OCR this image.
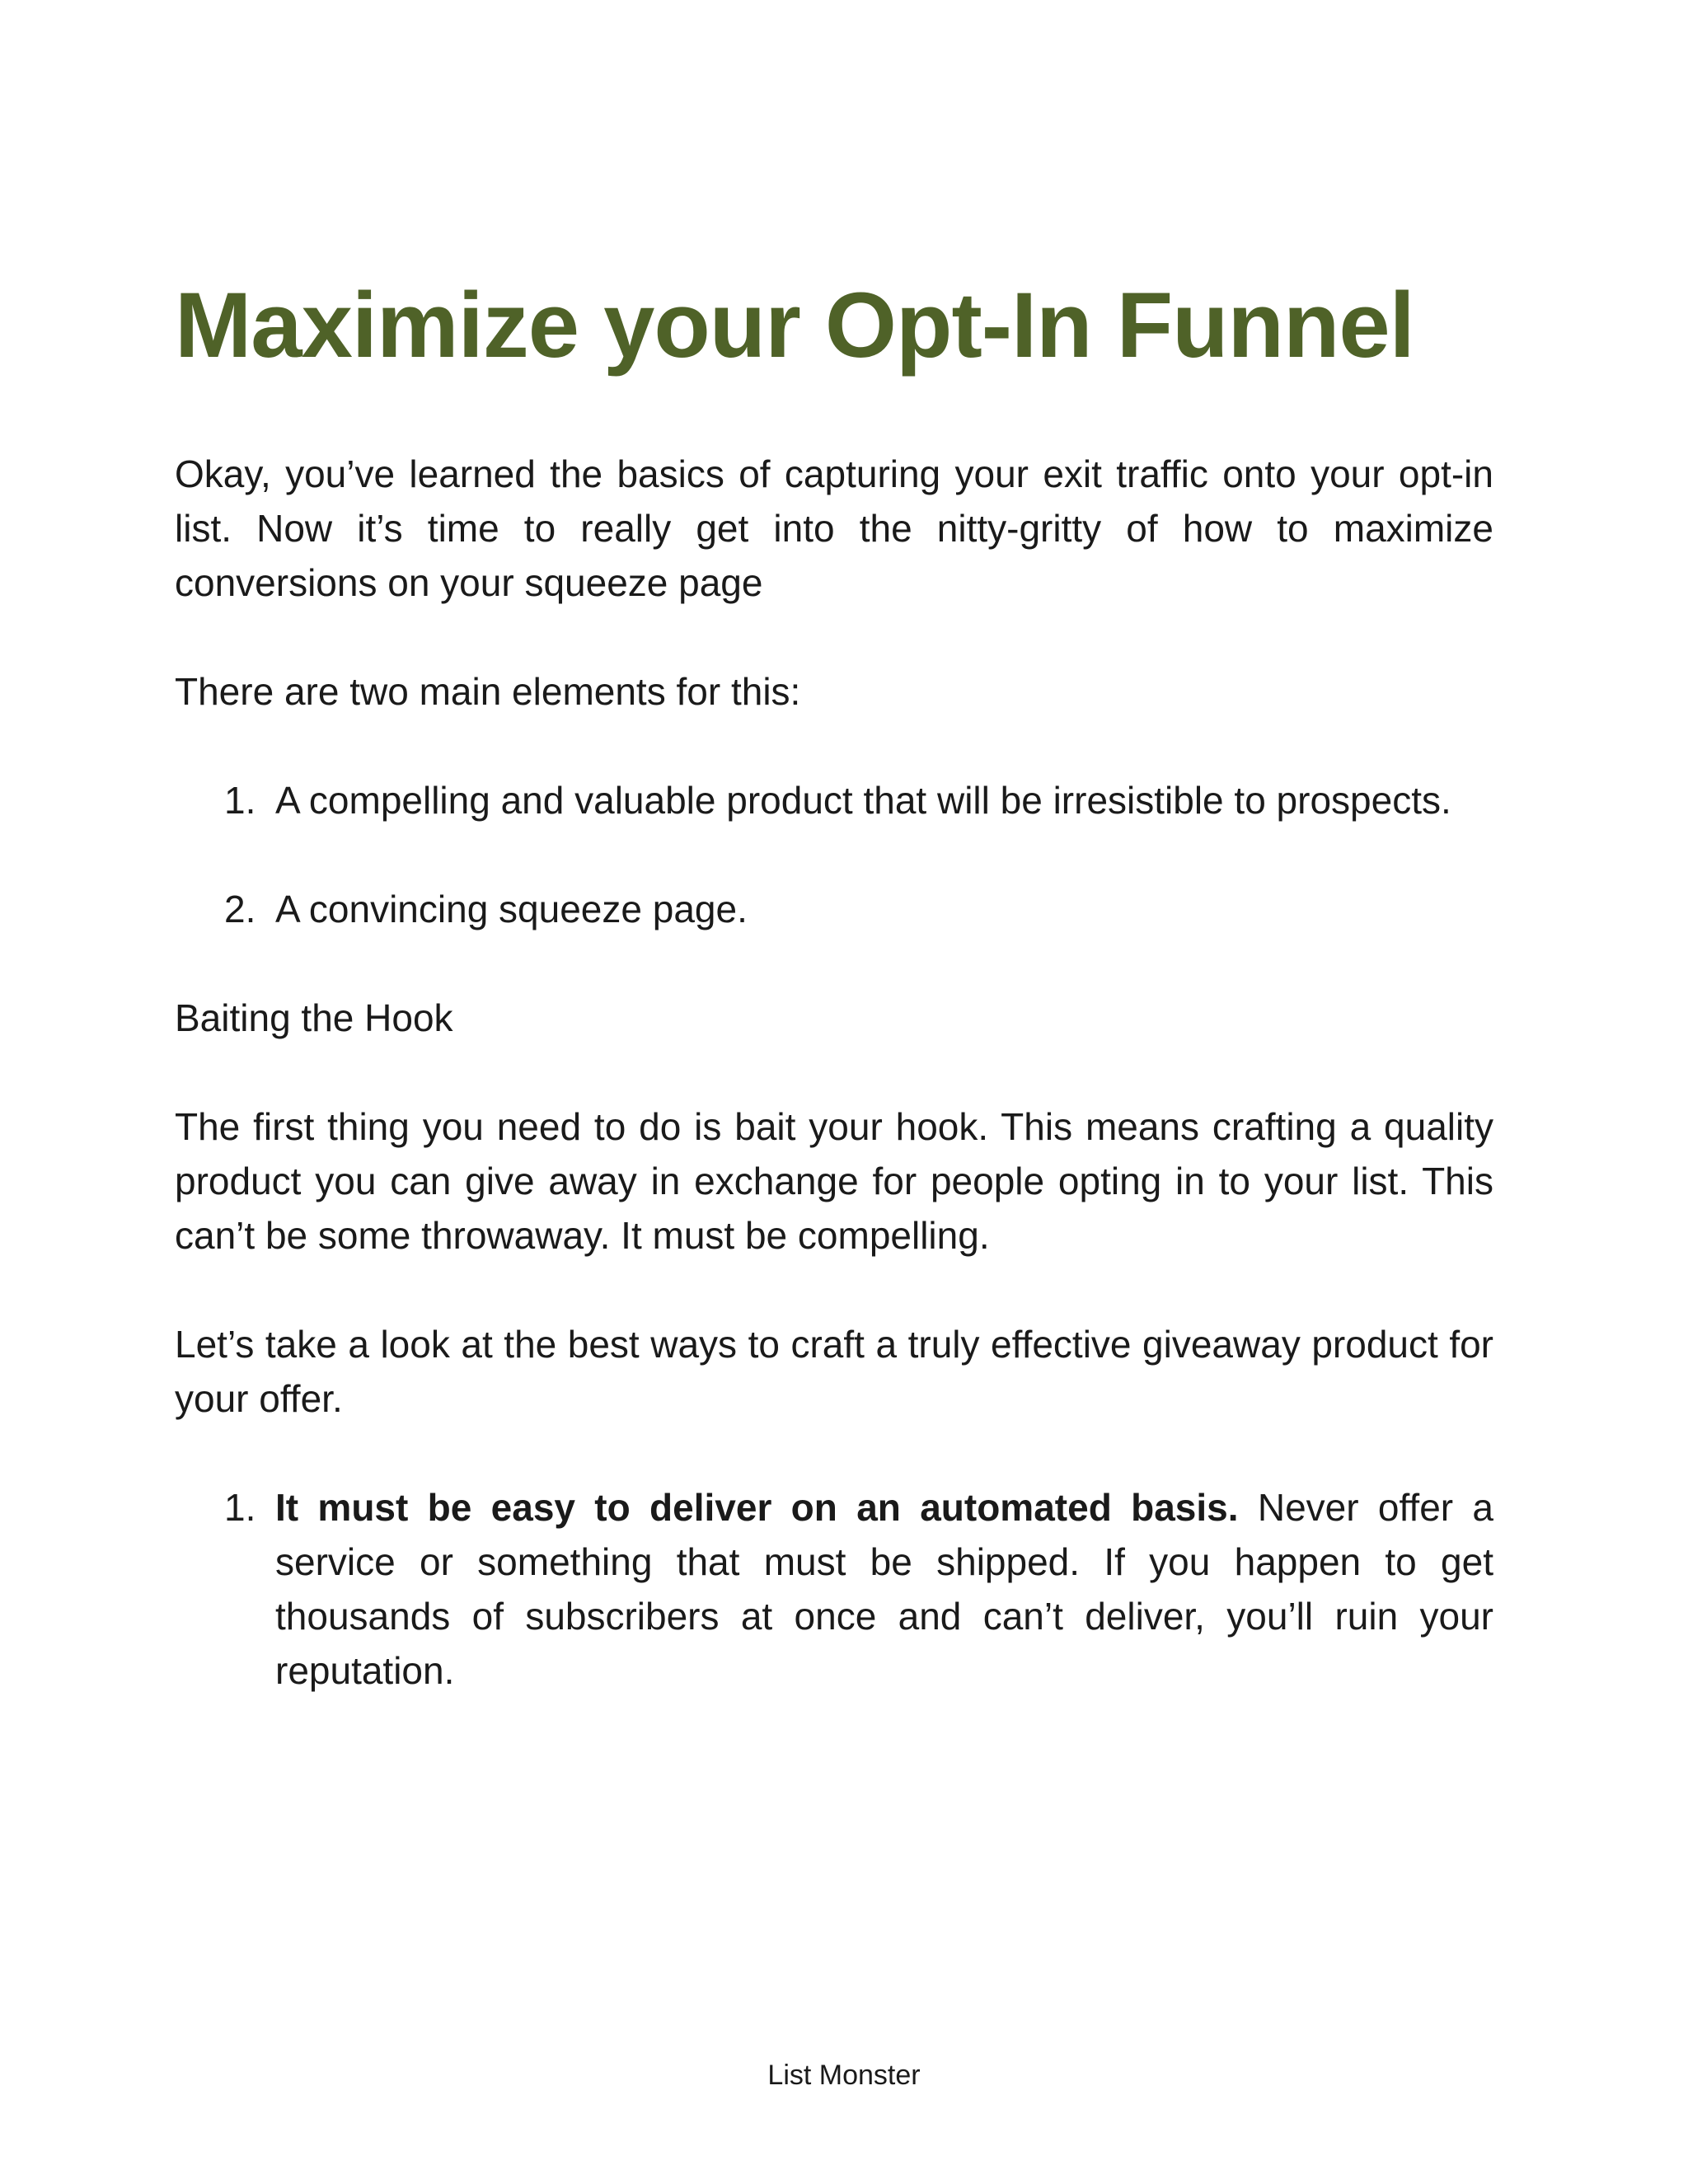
Maximize your Opt-In Funnel

Okay, you’ve learned the basics of capturing your exit traffic onto your opt-in list. Now it’s time to really get into the nitty-gritty of how to maximize conversions on your squeeze page

There are two main elements for this:

1. A compelling and valuable product that will be irresistible to prospects.
2. A convincing squeeze page.

Baiting the Hook

The first thing you need to do is bait your hook. This means crafting a quality product you can give away in exchange for people opting in to your list. This can’t be some throwaway. It must be compelling.

Let’s take a look at the best ways to craft a truly effective giveaway product for your offer.

1. It must be easy to deliver on an automated basis. Never offer a service or something that must be shipped. If you happen to get thousands of subscribers at once and can’t deliver, you’ll ruin your reputation.
List Monster
